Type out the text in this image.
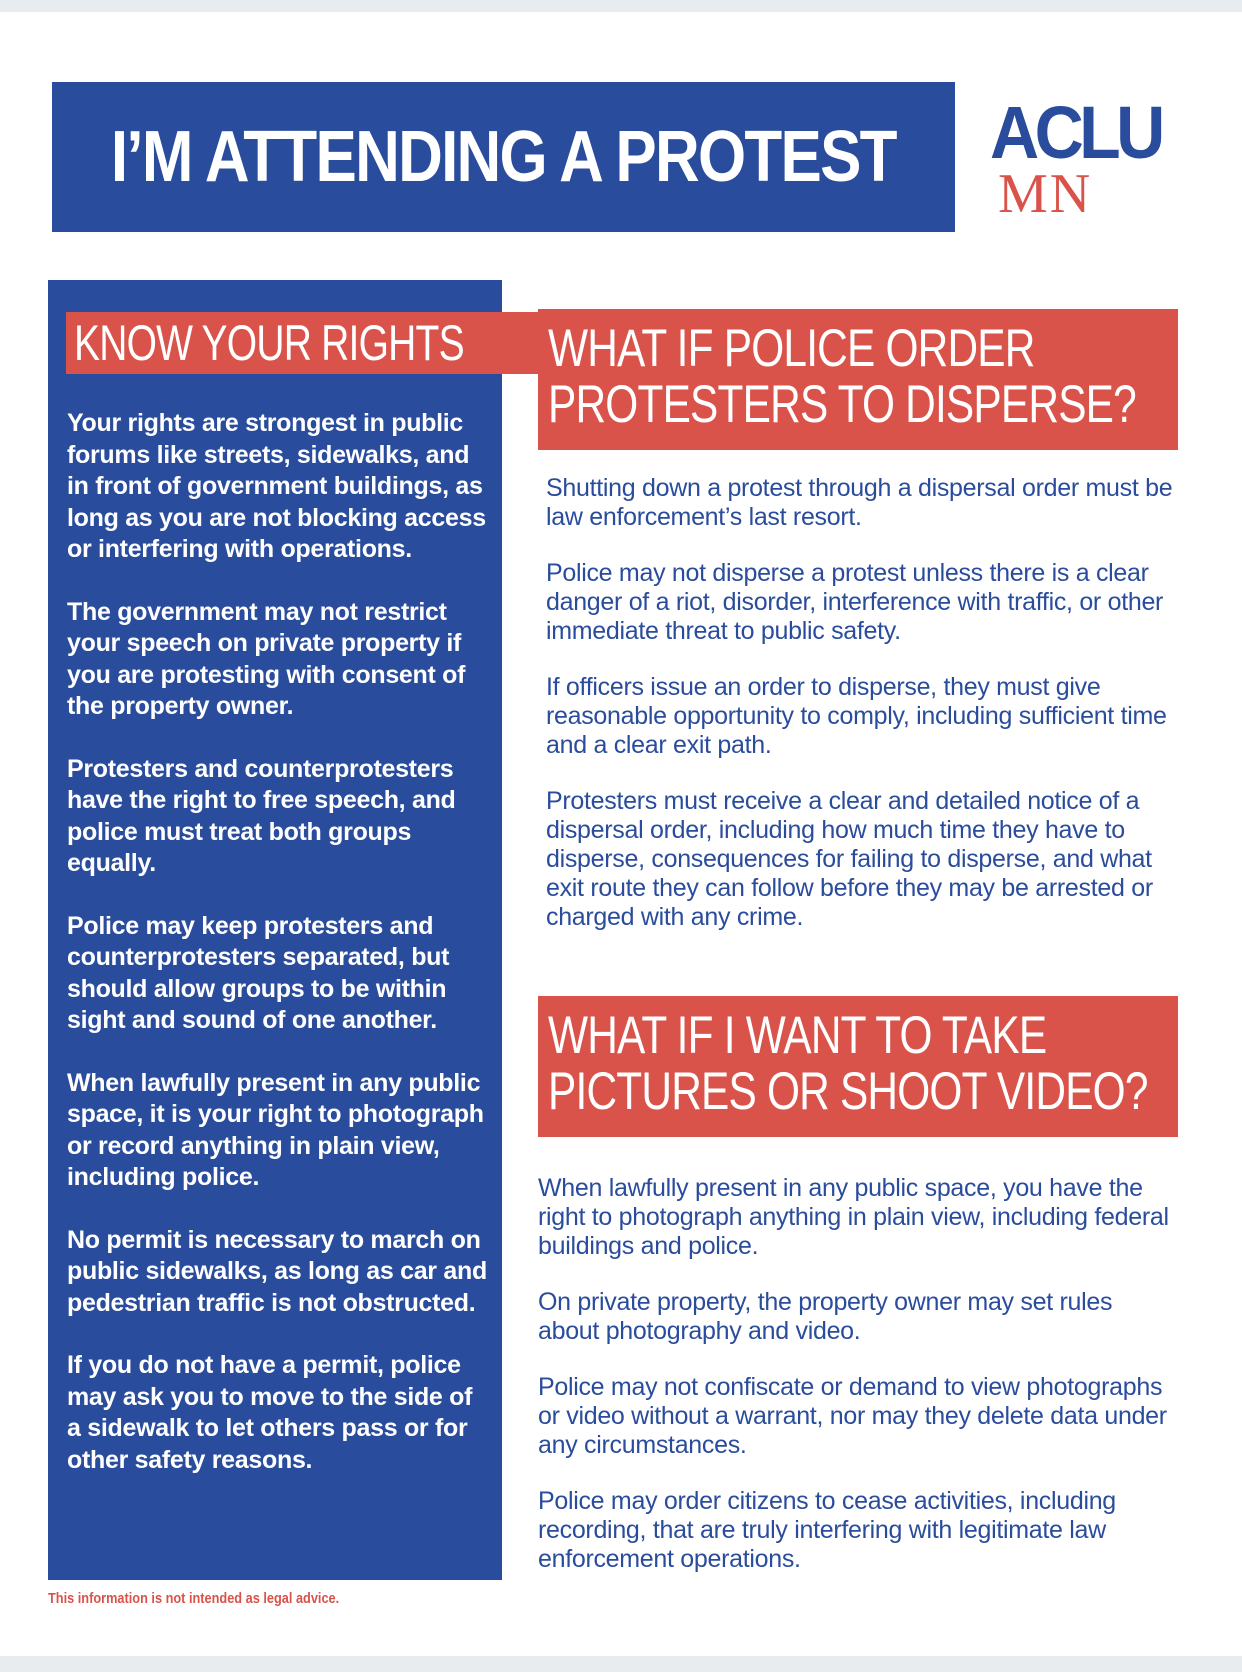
I’M ATTENDING A PROTEST ACLU
MN
KNOW YOUR RIGHTS

Your rights are strongest in public forums like streets, sidewalks, and in front of government buildings, as long as you are not blocking access or interfering with operations.

The government may not restrict your speech on private property if you are protesting with consent of the property owner.

Protesters and counterprotesters have the right to free speech, and police must treat both groups equally.

Police may keep protesters and counterprotesters separated, but should allow groups to be within sight and sound of one another.

When lawfully present in any public space, it is your right to photograph or record anything in plain view, including police.

No permit is necessary to march on public sidewalks, as long as car and pedestrian traffic is not obstructed.

If you do not have a permit, police may ask you to move to the side of a sidewalk to let others pass or for other safety reasons.

This information is not intended as legal advice.
WHAT IF POLICE ORDER
PROTESTERS TO DISPERSE?

Shutting down a protest through a dispersal order must be law enforcement’s last resort.

Police may not disperse a protest unless there is a clear danger of a riot, disorder, interference with traffic, or other immediate threat to public safety.

If officers issue an order to disperse, they must give reasonable opportunity to comply, including sufficient time and a clear exit path.

Protesters must receive a clear and detailed notice of a dispersal order, including how much time they have to disperse, consequences for failing to disperse, and what exit route they can follow before they may be arrested or charged with any crime.

WHAT IF I WANT TO TAKE
PICTURES OR SHOOT VIDEO?

When lawfully present in any public space, you have the right to photograph anything in plain view, including federal buildings and police.

On private property, the property owner may set rules about photography and video.

Police may not confiscate or demand to view photographs or video without a warrant, nor may they delete data under any circumstances.

Police may order citizens to cease activities, including recording, that are truly interfering with legitimate law enforcement operations.
